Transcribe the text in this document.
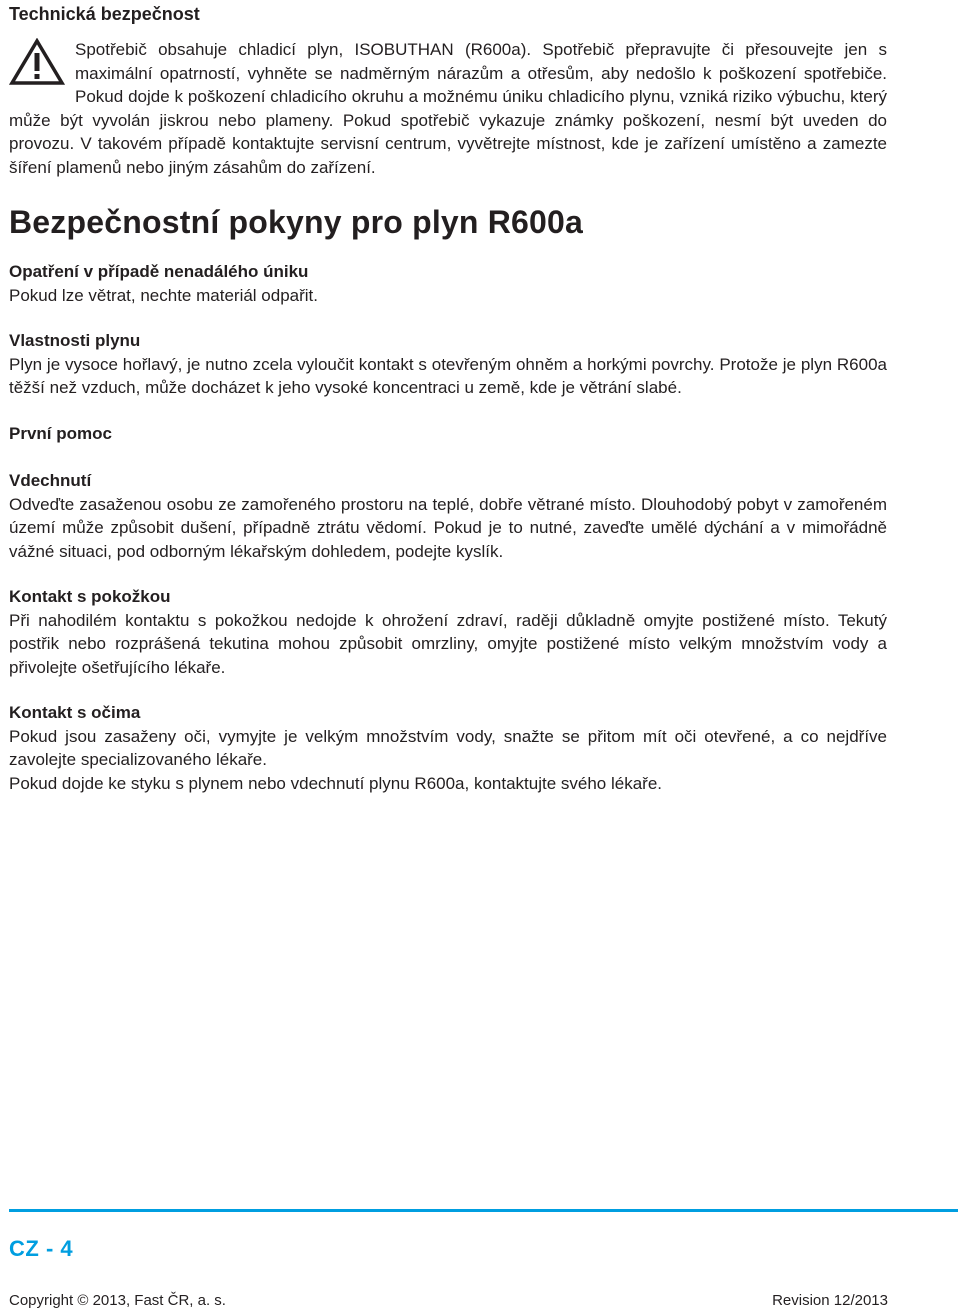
Technická bezpečnost
Spotřebič obsahuje chladicí plyn, ISOBUTHAN (R600a). Spotřebič přepravujte či přesouvejte jen s maximální opatrností, vyhněte se nadměrným nárazům a otřesům, aby nedošlo k poškození spotřebiče. Pokud dojde k poškození chladicího okruhu a možnému úniku chladicího plynu, vzniká riziko výbuchu, který může být vyvolán jiskrou nebo plameny. Pokud spotřebič vykazuje známky poškození, nesmí být uveden do provozu. V takovém případě kontaktujte servisní centrum, vyvětrejte místnost, kde je zařízení umístěno a zamezte šíření plamenů nebo jiným zásahům do zařízení.
Bezpečnostní pokyny pro plyn R600a
Opatření v případě nenadálého úniku
Pokud lze větrat, nechte materiál odpařit.
Vlastnosti plynu
Plyn je vysoce hořlavý, je nutno zcela vyloučit kontakt s otevřeným ohněm a horkými povrchy. Protože je plyn R600a těžší než vzduch, může docházet k jeho vysoké koncentraci u země, kde je větrání slabé.
První pomoc
Vdechnutí
Odveďte zasaženou osobu ze zamořeného prostoru na teplé, dobře větrané místo. Dlouhodobý pobyt v zamořeném území může způsobit dušení, případně ztrátu vědomí. Pokud je to nutné, zaveďte umělé dýchání a v mimořádně vážné situaci, pod odborným lékařským dohledem, podejte kyslík.
Kontakt s pokožkou
Při nahodilém kontaktu s pokožkou nedojde k ohrožení zdraví, raději důkladně omyjte postižené místo. Tekutý postřik nebo rozprášená tekutina mohou způsobit omrzliny, omyjte postižené místo velkým množstvím vody a přivolejte ošetřujícího lékaře.
Kontakt s očima
Pokud jsou zasaženy oči, vymyjte je velkým množstvím vody, snažte se přitom mít oči otevřené, a co nejdříve zavolejte specializovaného lékaře.
Pokud dojde ke styku s plynem nebo vdechnutí plynu R600a, kontaktujte svého lékaře.
CZ - 4
Copyright © 2013, Fast ČR, a. s.	Revision 12/2013
